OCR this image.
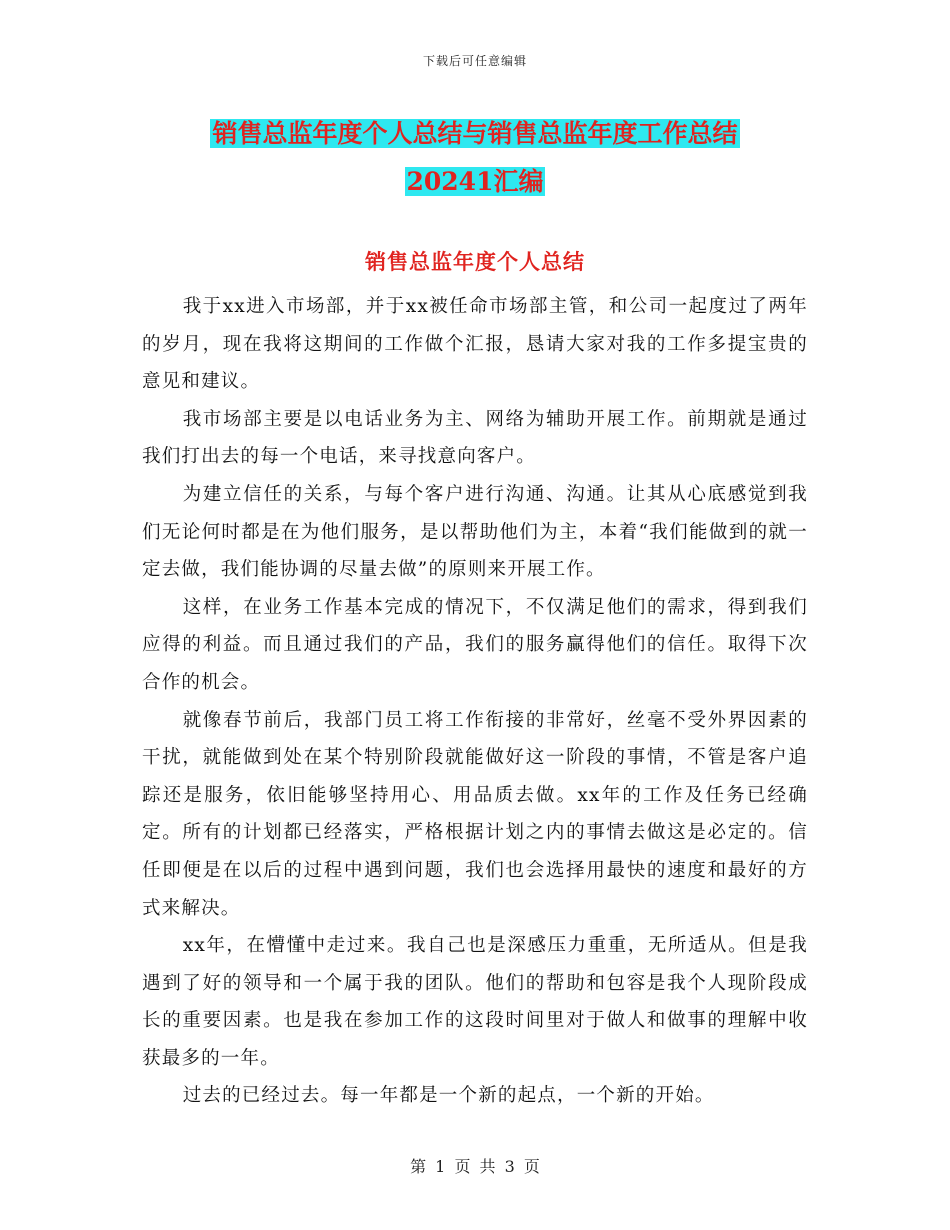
下载后可任意编辑
销售总监年度个人总结与销售总监年度工作总结
20241汇编
销售总监年度个人总结

我于xx进入市场部，并于xx被任命市场部主管，和公司一起度过了两年的岁月，现在我将这期间的工作做个汇报，恳请大家对我的工作多提宝贵的意见和建议。

我市场部主要是以电话业务为主、网络为辅助开展工作。前期就是通过我们打出去的每一个电话，来寻找意向客户。

为建立信任的关系，与每个客户进行沟通、沟通。让其从心底感觉到我们无论何时都是在为他们服务，是以帮助他们为主，本着“我们能做到的就一定去做，我们能协调的尽量去做”的原则来开展工作。

这样，在业务工作基本完成的情况下，不仅满足他们的需求，得到我们应得的利益。而且通过我们的产品，我们的服务赢得他们的信任。取得下次合作的机会。

就像春节前后，我部门员工将工作衔接的非常好，丝毫不受外界因素的干扰，就能做到处在某个特别阶段就能做好这一阶段的事情，不管是客户追踪还是服务，依旧能够坚持用心、用品质去做。xx年的工作及任务已经确定。所有的计划都已经落实，严格根据计划之内的事情去做这是必定的。信任即便是在以后的过程中遇到问题，我们也会选择用最快的速度和最好的方式来解决。

xx年，在懵懂中走过来。我自己也是深感压力重重，无所适从。但是我遇到了好的领导和一个属于我的团队。他们的帮助和包容是我个人现阶段成长的重要因素。也是我在参加工作的这段时间里对于做人和做事的理解中收获最多的一年。

过去的已经过去。每一年都是一个新的起点，一个新的开始。

第 1 页 共 3 页
